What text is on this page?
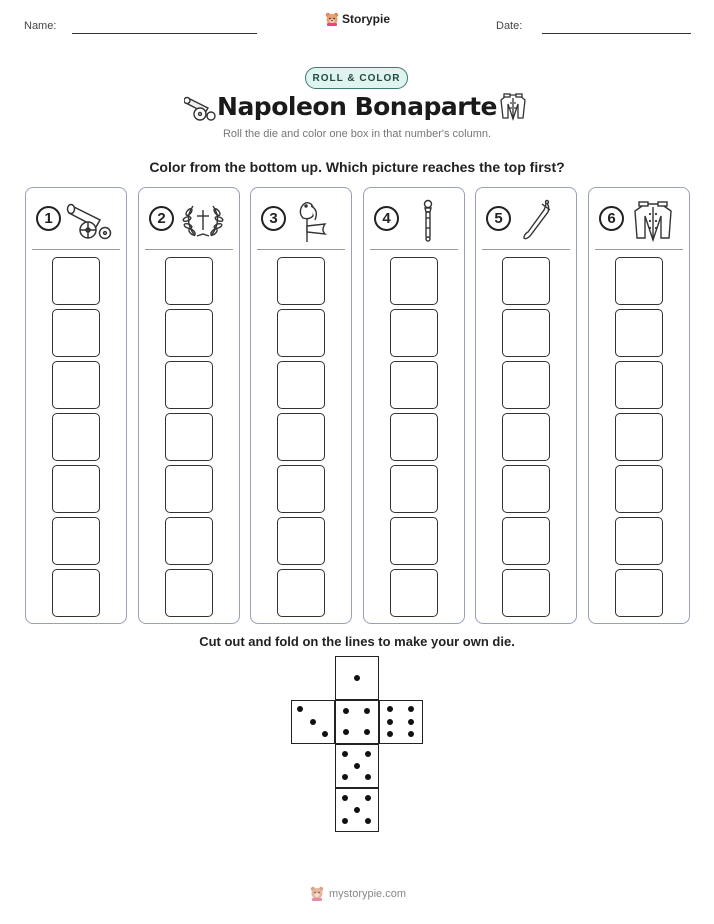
Name:	Storypie	Date:
ROLL & COLOR
Napoleon Bonaparte
Roll the die and color one box in that number's column.
Color from the bottom up. Which picture reaches the top first?
1	2	3	4	5	6
Cut out and fold on the lines to make your own die.
mystorypie.com
